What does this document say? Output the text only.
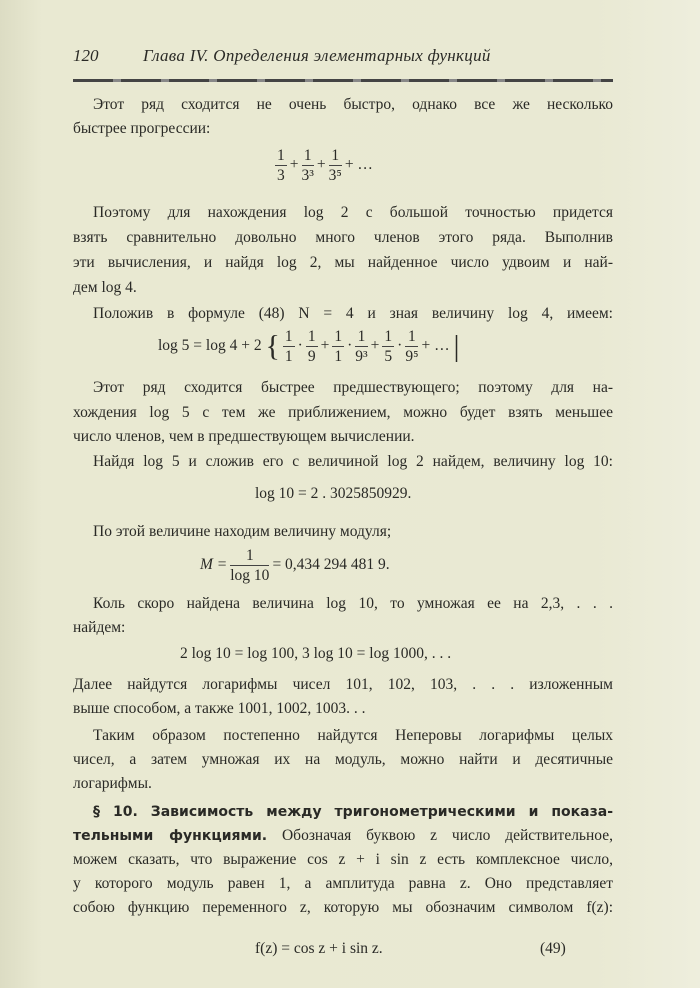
120	Глава IV. Определения элементарных функций
Этот ряд сходится не очень быстро, однако все же несколько
быстрее прогрессии:
$\frac{1}{3} + \frac{1}{\text{3³}} + \frac{1}{\text{3⁵}}$ + …
Поэтому для нахождения log 2 с большой точностью придется
взять сравнительно довольно много членов этого ряда. Выполнив
эти вычисления, и найдя log 2, мы найденное число удвоим и най-
дем log 4.
Положив в формуле (48) N = 4 и зная величину log 4, имеем:
log 5 = log 4 + 2 { $\frac{1}{1} \cdot \frac{1}{9} + \frac{1}{1} \cdot \frac{1}{\text{9³}} + \frac{1}{5} \cdot \frac{1}{\text{9⁵}}$ + … |
Этот ряд сходится быстрее предшествующего; поэтому для на-
хождения log 5 с тем же приближением, можно будет взять меньшее
число членов, чем в предшествующем вычислении.
Найдя log 5 и сложив его с величиной log 2 найдем, величину log 10:
log 10 = 2 . 3025850929.
По этой величине находим величину модуля;
$M = \frac{1}{\log 10} = 0,434$ 294 481 9.
Коль скоро найдена величина log 10, то умножая ее на 2,3, . . .
найдем:
2 log 10 = log 100, 3 log 10 = log 1000, . . .
Далее найдутся логарифмы чисел 101, 102, 103, . . . изложенным
выше способом, а также 1001, 1002, 1003. . .
Таким образом постепенно найдутся Неперовы логарифмы целых
чисел, а затем умножая их на модуль, можно найти и десятичные
логарифмы.
§ 10. Зависимость между тригонометрическими и показа-
тельными функциями. Обозначая буквою z число действительное,
можем сказать, что выражение cos z + i sin z есть комплексное число,
у которого модуль равен 1, а амплитуда равна z. Оно представляет
собою функцию переменного z, которую мы обозначим символом f(z):
f(z) = cos z + i sin z.	(49)
